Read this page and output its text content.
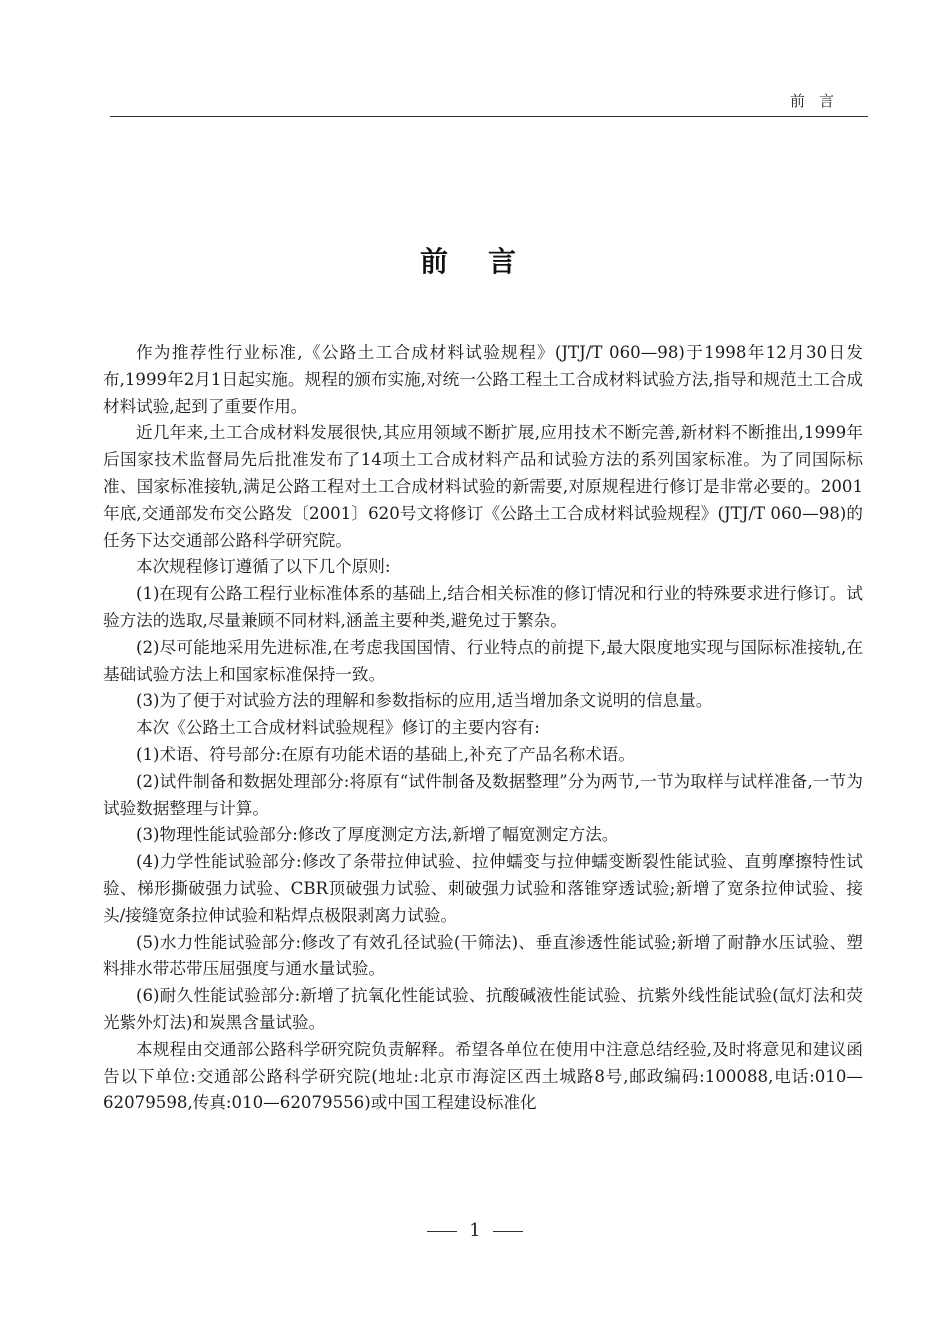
前言
前言

作为推荐性行业标准,《公路土工合成材料试验规程》(JTJ/T 060—98)于1998年12月30日发布,1999年2月1日起实施。规程的颁布实施,对统一公路工程土工合成材料试验方法,指导和规范土工合成材料试验,起到了重要作用。

近几年来,土工合成材料发展很快,其应用领域不断扩展,应用技术不断完善,新材料不断推出,1999年后国家技术监督局先后批准发布了14项土工合成材料产品和试验方法的系列国家标准。为了同国际标准、国家标准接轨,满足公路工程对土工合成材料试验的新需要,对原规程进行修订是非常必要的。2001年底,交通部发布交公路发〔2001〕620号文将修订《公路土工合成材料试验规程》(JTJ/T 060—98)的任务下达交通部公路科学研究院。

本次规程修订遵循了以下几个原则:

(1)在现有公路工程行业标准体系的基础上,结合相关标准的修订情况和行业的特殊要求进行修订。试验方法的选取,尽量兼顾不同材料,涵盖主要种类,避免过于繁杂。

(2)尽可能地采用先进标准,在考虑我国国情、行业特点的前提下,最大限度地实现与国际标准接轨,在基础试验方法上和国家标准保持一致。

(3)为了便于对试验方法的理解和参数指标的应用,适当增加条文说明的信息量。

本次《公路土工合成材料试验规程》修订的主要内容有:

(1)术语、符号部分:在原有功能术语的基础上,补充了产品名称术语。

(2)试件制备和数据处理部分:将原有“试件制备及数据整理”分为两节,一节为取样与试样准备,一节为试验数据整理与计算。

(3)物理性能试验部分:修改了厚度测定方法,新增了幅宽测定方法。

(4)力学性能试验部分:修改了条带拉伸试验、拉伸蠕变与拉伸蠕变断裂性能试验、直剪摩擦特性试验、梯形撕破强力试验、CBR顶破强力试验、刺破强力试验和落锥穿透试验;新增了宽条拉伸试验、接头/接缝宽条拉伸试验和粘焊点极限剥离力试验。

(5)水力性能试验部分:修改了有效孔径试验(干筛法)、垂直渗透性能试验;新增了耐静水压试验、塑料排水带芯带压屈强度与通水量试验。

(6)耐久性能试验部分:新增了抗氧化性能试验、抗酸碱液性能试验、抗紫外线性能试验(氙灯法和荧光紫外灯法)和炭黑含量试验。

本规程由交通部公路科学研究院负责解释。希望各单位在使用中注意总结经验,及时将意见和建议函告以下单位:交通部公路科学研究院(地址:北京市海淀区西土城路8号,邮政编码:100088,电话:010—62079598,传真:010—62079556)或中国工程建设标准化

1
